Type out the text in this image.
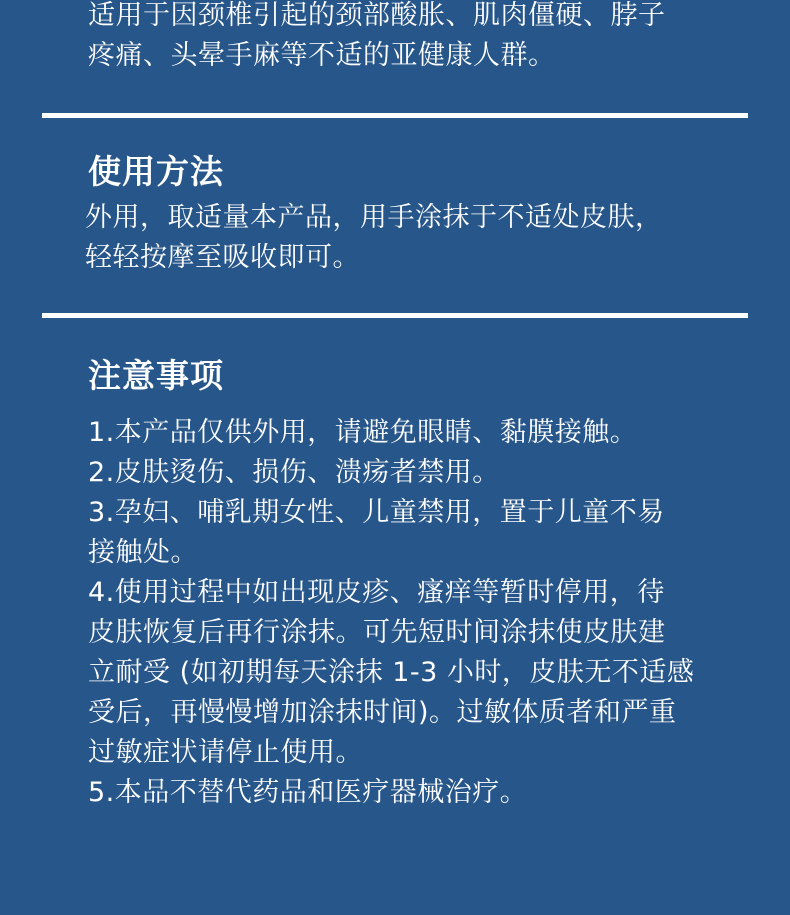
适用于因颈椎引起的颈部酸胀、肌肉僵硬、脖子

疼痛、头晕手麻等不适的亚健康人群。

使用方法

外用，取适量本产品，用手涂抹于不适处皮肤，

轻轻按摩至吸收即可。

注意事项

1.本产品仅供外用，请避免眼睛、黏膜接触。

2.皮肤烫伤、损伤、溃疡者禁用。

3.孕妇、哺乳期女性、儿童禁用，置于儿童不易

接触处。

4.使用过程中如出现皮疹、瘙痒等暂时停用，待

皮肤恢复后再行涂抹。可先短时间涂抹使皮肤建

立耐受 (如初期每天涂抹 1-3 小时，皮肤无不适感

受后，再慢慢增加涂抹时间)。过敏体质者和严重

过敏症状请停止使用。

5.本品不替代药品和医疗器械治疗。
